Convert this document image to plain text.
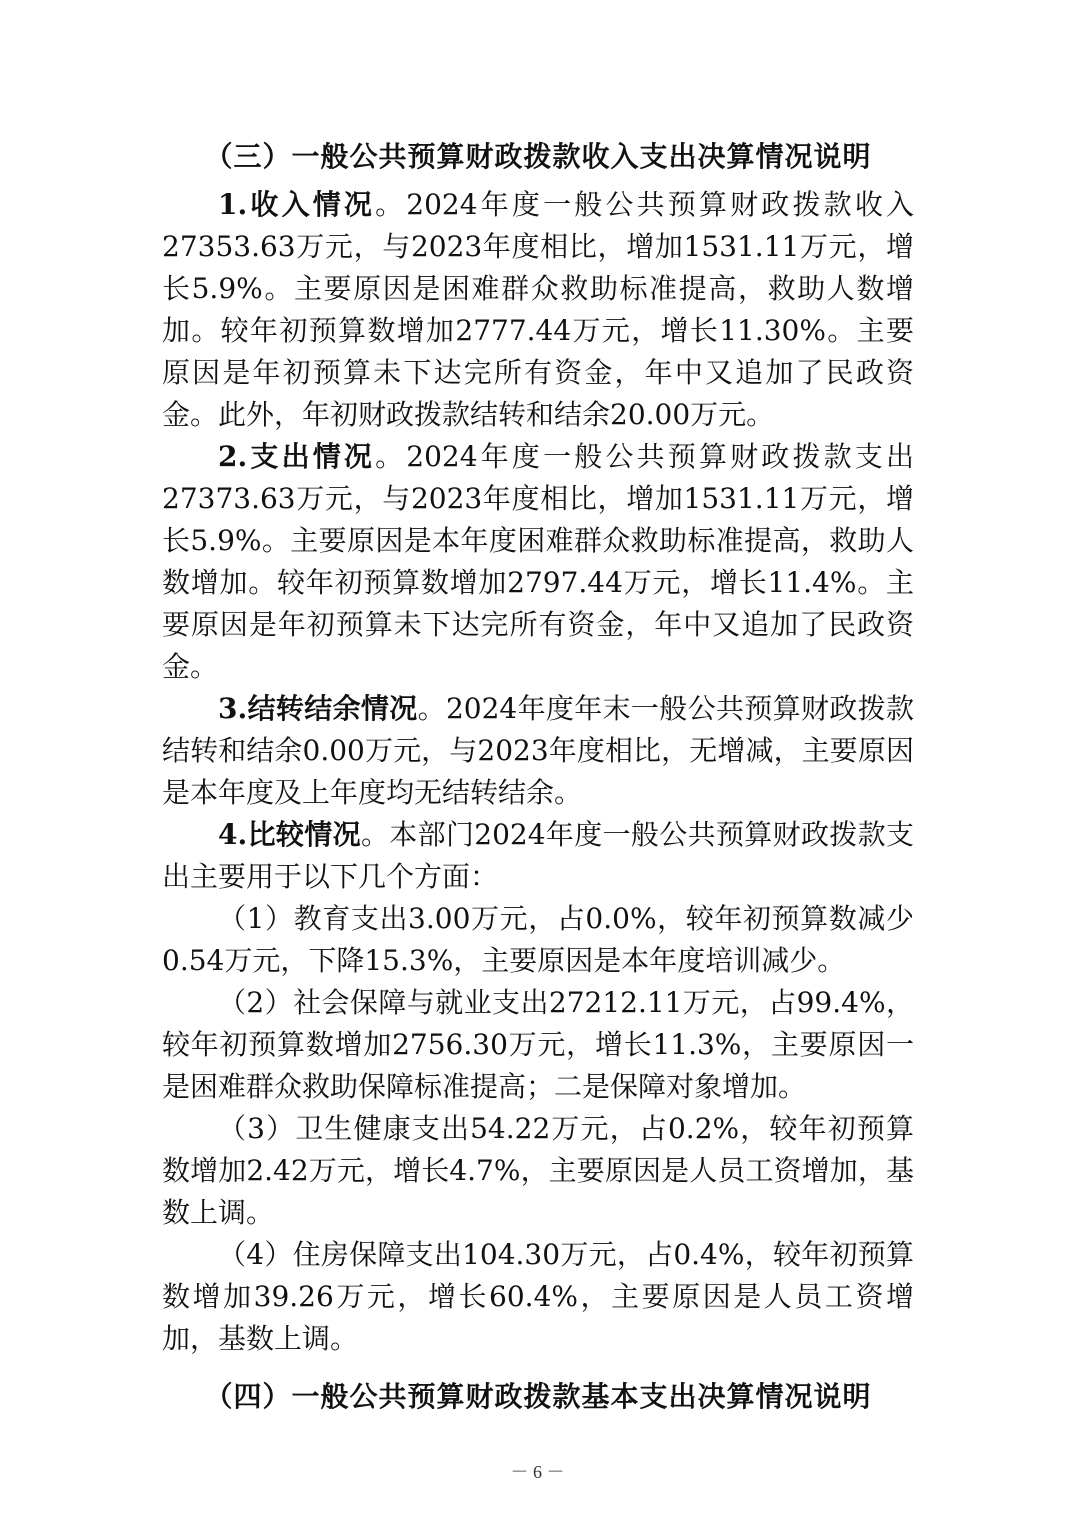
（三）一般公共预算财政拨款收入支出决算情况说明

1.收入情况。2024年度一般公共预算财政拨款收入27353.63万元，与2023年度相比，增加1531.11万元，增长5.9%。主要原因是困难群众救助标准提高，救助人数增加。较年初预算数增加2777.44万元，增长11.30%。主要原因是年初预算未下达完所有资金，年中又追加了民政资金。此外，年初财政拨款结转和结余20.00万元。

2.支出情况。2024年度一般公共预算财政拨款支出27373.63万元，与2023年度相比，增加1531.11万元，增长5.9%。主要原因是本年度困难群众救助标准提高，救助人数增加。较年初预算数增加2797.44万元，增长11.4%。主要原因是年初预算未下达完所有资金，年中又追加了民政资金。

3.结转结余情况。2024年度年末一般公共预算财政拨款结转和结余0.00万元，与2023年度相比，无增减，主要原因是本年度及上年度均无结转结余。

4.比较情况。本部门2024年度一般公共预算财政拨款支出主要用于以下几个方面：

（1）教育支出3.00万元，占0.0%，较年初预算数减少0.54万元，下降15.3%，主要原因是本年度培训减少。

（2）社会保障与就业支出27212.11万元，占99.4%，较年初预算数增加2756.30万元，增长11.3%，主要原因一是困难群众救助保障标准提高；二是保障对象增加。

（3）卫生健康支出54.22万元，占0.2%，较年初预算数增加2.42万元，增长4.7%，主要原因是人员工资增加，基数上调。

（4）住房保障支出104.30万元，占0.4%，较年初预算数增加39.26万元，增长60.4%，主要原因是人员工资增加，基数上调。

（四）一般公共预算财政拨款基本支出决算情况说明
－ 6 －
